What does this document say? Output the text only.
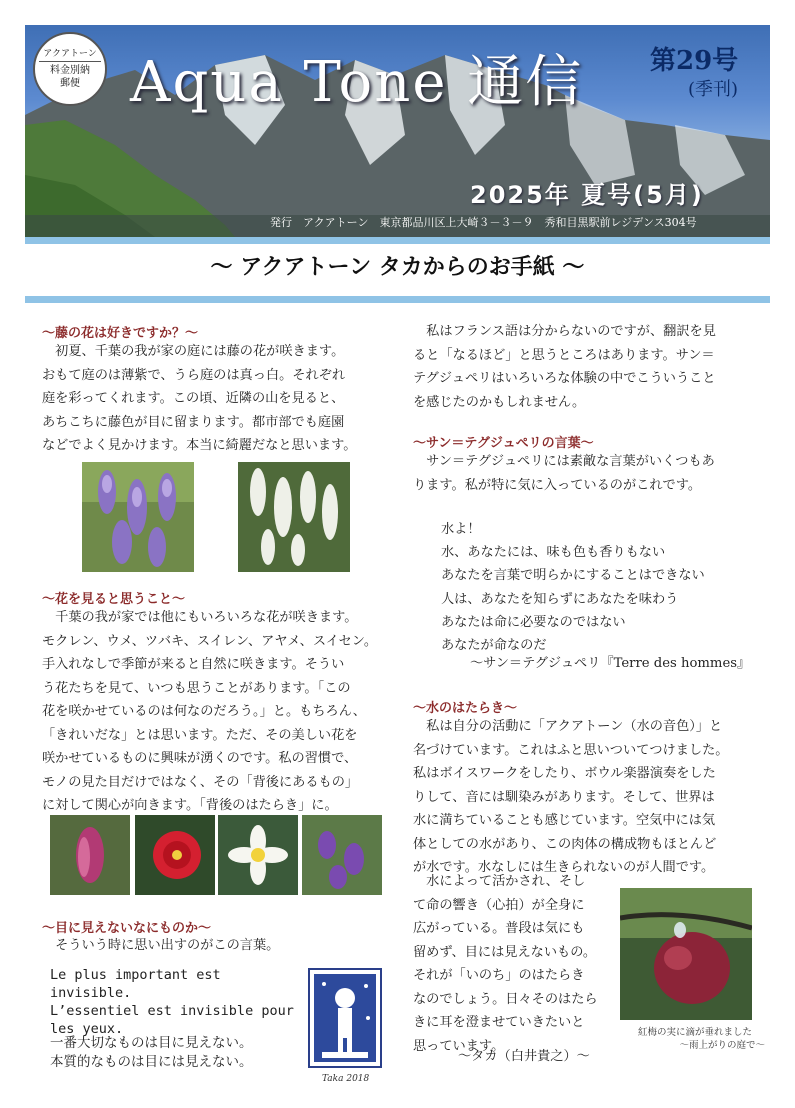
アクアトーン
料金別納
郵便 Aqua Tone 通信	第29号
(季刊)
2025年 夏号(5月)
発行　アクアトーン　東京都品川区上大崎３－３－９　秀和目黒駅前レジデンス304号
～ アクアトーン タカからのお手紙 ～
～藤の花は好きですか？～

　初夏、千葉の我が家の庭には藤の花が咲きます。

おもて庭のは薄紫で、うら庭のは真っ白。それぞれ

庭を彩ってくれます。この頃、近隣の山を見ると、

あちこちに藤色が目に留まります。都市部でも庭園

などでよく見かけます。本当に綺麗だなと思います。

～花を見ると思うこと～

　千葉の我が家では他にもいろいろな花が咲きます。

モクレン、ウメ、ツバキ、スイレン、アヤメ、スイセン。

手入れなしで季節が来ると自然に咲きます。そうい

う花たちを見て、いつも思うことがあります。「この

花を咲かせているのは何なのだろう。」と。もちろん、

「きれいだな」とは思います。ただ、その美しい花を

咲かせているものに興味が湧くのです。私の習慣で、

モノの見た目だけではなく、その「背後にあるもの」

に対して関心が向きます。「背後のはたらき」に。

～目に見えないなにものか～
　そういう時に思い出すのがこの言葉。

Le plus important est invisible.

L’essentiel est invisible pour

les yeux.

一番大切なものは目に見えない。

本質的なものは目には見えない。

Taka 2018

　私はフランス語は分からないのですが、翻訳を見

ると「なるほど」と思うところはあります。サン＝

テグジュペリはいろいろな体験の中でこういうこと

を感じたのかもしれません。

～サン＝テグジュペリの言葉～

　サン＝テグジュペリには素敵な言葉がいくつもあ

ります。私が特に気に入っているのがこれです。

水よ！

水、あなたには、味も色も香りもない

あなたを言葉で明らかにすることはできない

人は、あなたを知らずにあなたを味わう

あなたは命に必要なのではない

あなたが命なのだ

～サン＝テグジュペリ『Terre des hommes』
～水のはたらき～

　私は自分の活動に「アクアトーン（水の音色）」と

名づけています。これはふと思いついてつけました。

私はボイスワークをしたり、ボウル楽器演奏をした

りして、音には馴染みがあります。そして、世界は

水に満ちていることも感じています。空気中には気

体としての水があり、この肉体の構成物もほとんど

が水です。水なしには生きられないのが人間です。

　水によって活かされ、そし

て命の響き（心拍）が全身に

広がっている。普段は気にも

留めず、目には見えないもの。

それが「いのち」のはたらき

なのでしょう。日々そのはたら

きに耳を澄ませていきたいと

思っています。

～タカ（白井貴之）～
紅梅の実に滴が垂れました
～雨上がりの庭で～
